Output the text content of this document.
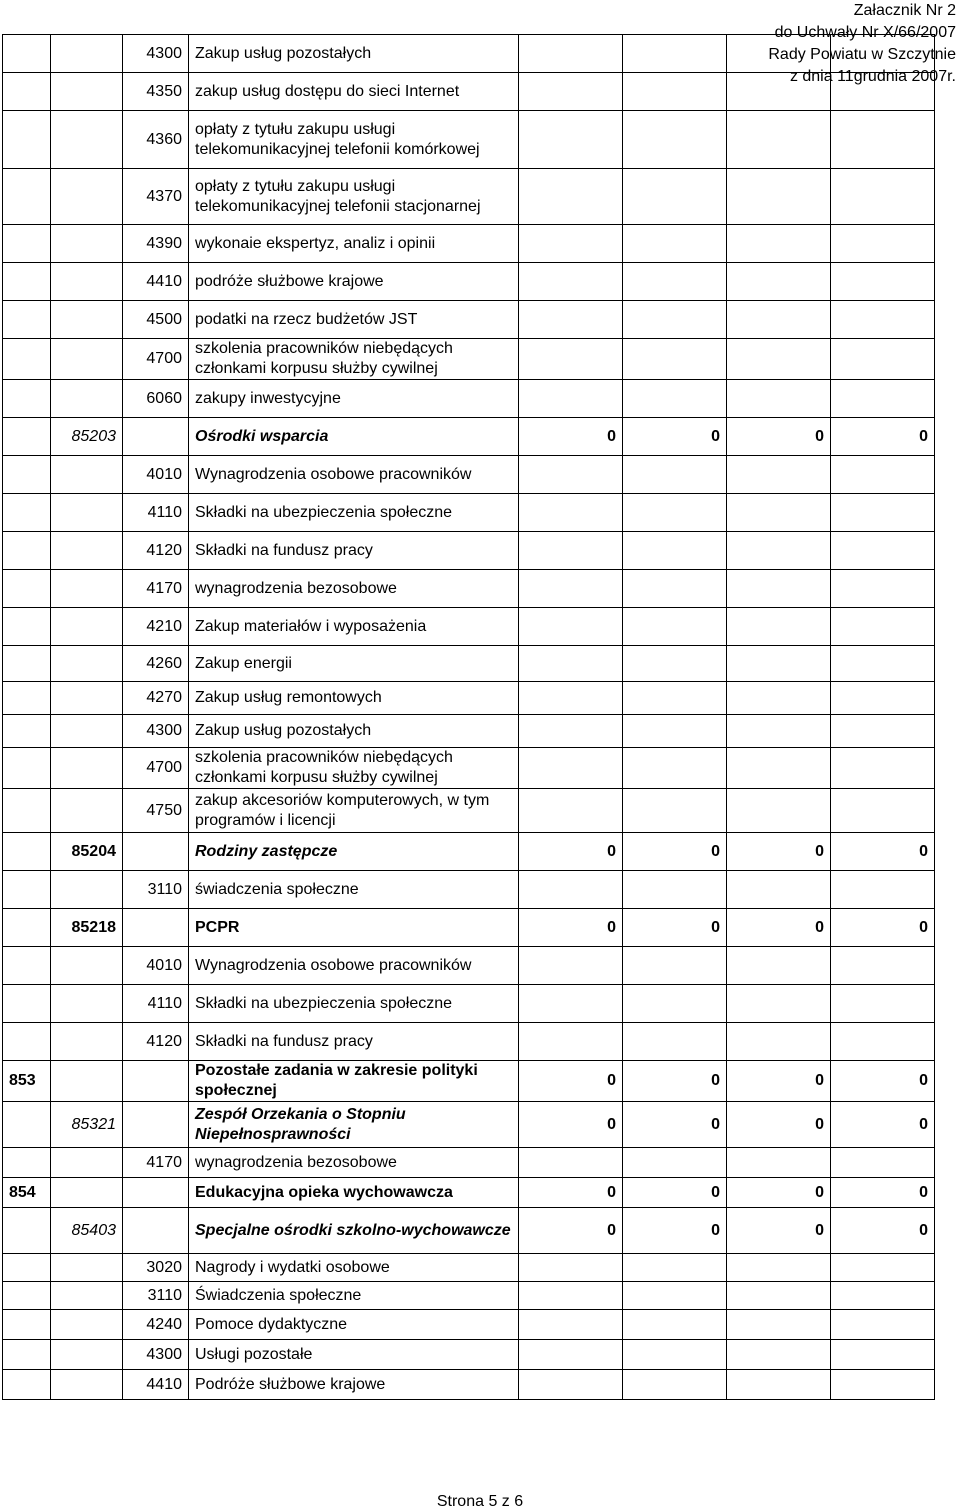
Załacznik Nr 2
do Uchwały Nr X/66/2007
Rady Powiatu w Szczytnie
z dnia 11grudnia 2007r.
		4300	Zakup usług pozostałych				
		4350	zakup usług dostępu do sieci Internet				
		4360	opłaty z tytułu zakupu usługi telekomunikacyjnej telefonii komórkowej				
		4370	opłaty z tytułu zakupu usługi telekomunikacyjnej telefonii stacjonarnej				
		4390	wykonaie ekspertyz, analiz i opinii				
		4410	podróże służbowe krajowe				
		4500	podatki na rzecz budżetów JST				
		4700	szkolenia pracowników niebędących członkami korpusu służby cywilnej				
		6060	zakupy inwestycyjne				
	85203		Ośrodki wsparcia	0	0	0	0
		4010	Wynagrodzenia osobowe pracowników				
		4110	Składki na ubezpieczenia społeczne				
		4120	Składki na fundusz pracy				
		4170	wynagrodzenia bezosobowe				
		4210	Zakup materiałów i wyposażenia				
		4260	Zakup energii				
		4270	Zakup usług remontowych				
		4300	Zakup usług pozostałych				
		4700	szkolenia pracowników niebędących członkami korpusu służby cywilnej				
		4750	zakup akcesoriów komputerowych, w tym programów i licencji				
	85204		Rodziny zastępcze	0	0	0	0
		3110	świadczenia społeczne				
	85218		PCPR	0	0	0	0
		4010	Wynagrodzenia osobowe pracowników				
		4110	Składki na ubezpieczenia społeczne				
		4120	Składki na fundusz pracy				
853			Pozostałe zadania w zakresie polityki społecznej	0	0	0	0
	85321		Zespół Orzekania o Stopniu Niepełnosprawności	0	0	0	0
		4170	wynagrodzenia bezosobowe				
854			Edukacyjna opieka wychowawcza	0	0	0	0
	85403		Specjalne ośrodki szkolno-wychowawcze	0	0	0	0
		3020	Nagrody i wydatki osobowe				
		3110	Świadczenia społeczne				
		4240	Pomoce dydaktyczne				
		4300	Usługi pozostałe				
		4410	Podróże służbowe krajowe				
Strona 5 z 6
